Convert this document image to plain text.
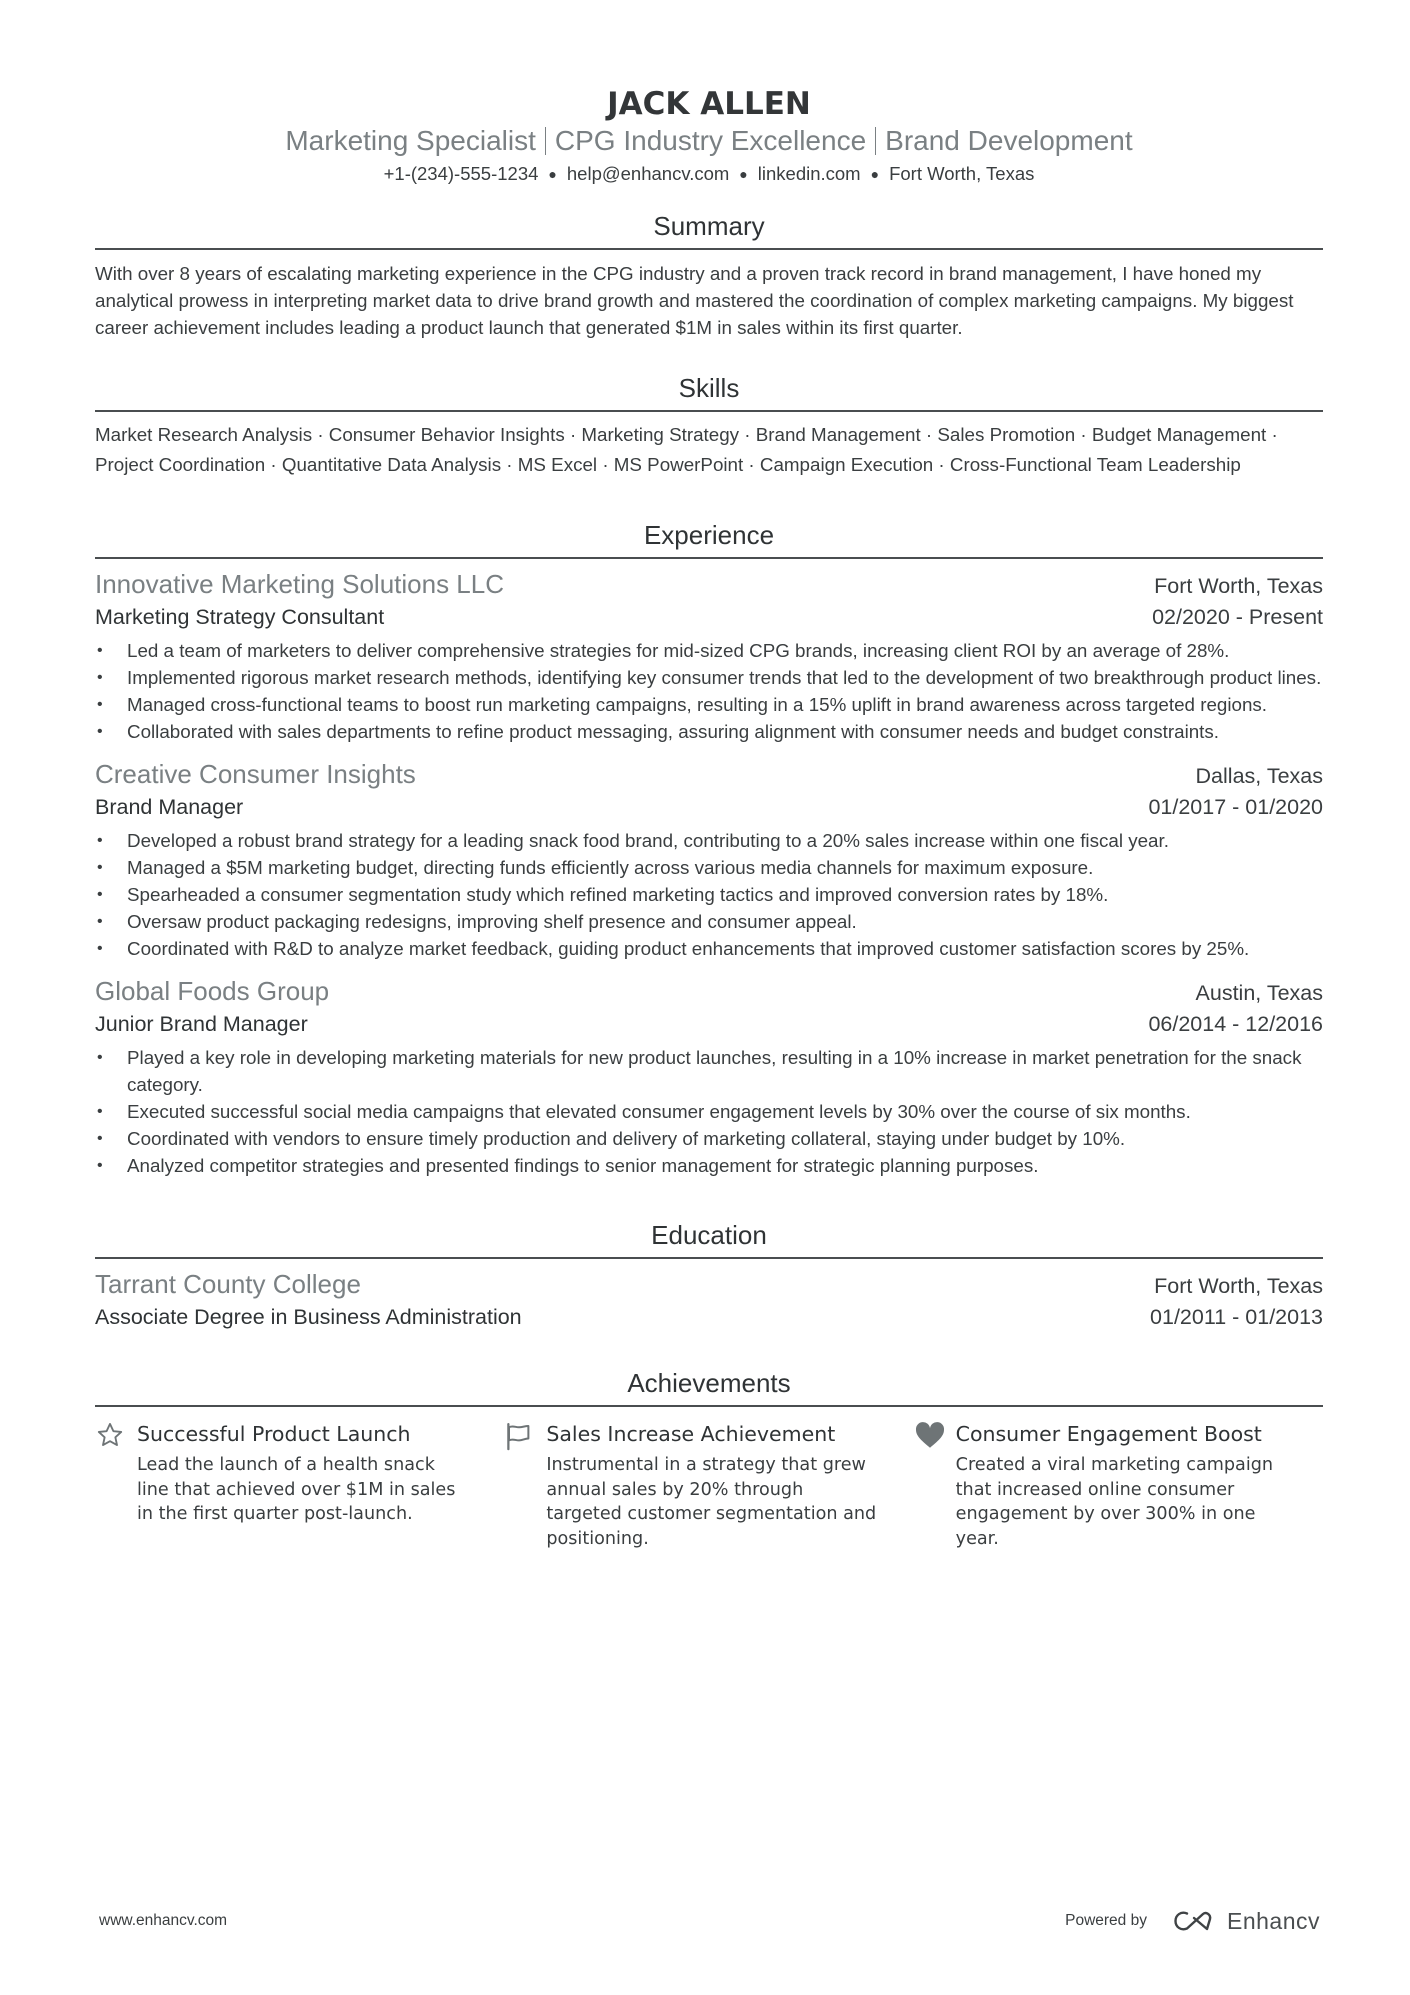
JACK ALLEN
Marketing Specialist CPG Industry Excellence Brand Development
+1-(234)-555-1234 ● help@enhancv.com ● linkedin.com ● Fort Worth, Texas
Summary
With over 8 years of escalating marketing experience in the CPG industry and a proven track record in brand management, I have honed my analytical prowess in interpreting market data to drive brand growth and mastered the coordination of complex marketing campaigns. My biggest career achievement includes leading a product launch that generated $1M in sales within its first quarter.
Skills
Market Research Analysis · Consumer Behavior Insights · Marketing Strategy · Brand Management · Sales Promotion · Budget Management · Project Coordination · Quantitative Data Analysis · MS Excel · MS PowerPoint · Campaign Execution · Cross-Functional Team Leadership
Experience
Innovative Marketing Solutions LLC	Fort Worth, Texas
Marketing Strategy Consultant	02/2020 - Present
• Led a team of marketers to deliver comprehensive strategies for mid-sized CPG brands, increasing client ROI by an average of 28%.
• Implemented rigorous market research methods, identifying key consumer trends that led to the development of two breakthrough product lines.
• Managed cross-functional teams to boost run marketing campaigns, resulting in a 15% uplift in brand awareness across targeted regions.
• Collaborated with sales departments to refine product messaging, assuring alignment with consumer needs and budget constraints.
Creative Consumer Insights	Dallas, Texas
Brand Manager	01/2017 - 01/2020
• Developed a robust brand strategy for a leading snack food brand, contributing to a 20% sales increase within one fiscal year.
• Managed a $5M marketing budget, directing funds efficiently across various media channels for maximum exposure.
• Spearheaded a consumer segmentation study which refined marketing tactics and improved conversion rates by 18%.
• Oversaw product packaging redesigns, improving shelf presence and consumer appeal.
• Coordinated with R&D to analyze market feedback, guiding product enhancements that improved customer satisfaction scores by 25%.
Global Foods Group	Austin, Texas
Junior Brand Manager	06/2014 - 12/2016
• Played a key role in developing marketing materials for new product launches, resulting in a 10% increase in market penetration for the snack category.
• Executed successful social media campaigns that elevated consumer engagement levels by 30% over the course of six months.
• Coordinated with vendors to ensure timely production and delivery of marketing collateral, staying under budget by 10%.
• Analyzed competitor strategies and presented findings to senior management for strategic planning purposes.
Education
Tarrant County College	Fort Worth, Texas
Associate Degree in Business Administration	01/2011 - 01/2013
Achievements
Successful Product Launch
Lead the launch of a health snack line that achieved over $1M in sales in the first quarter post-launch.
Sales Increase Achievement
Instrumental in a strategy that grew annual sales by 20% through targeted customer segmentation and positioning.
Consumer Engagement Boost
Created a viral marketing campaign that increased online consumer engagement by over 300% in one year.
www.enhancv.com	Powered by	Enhancv
